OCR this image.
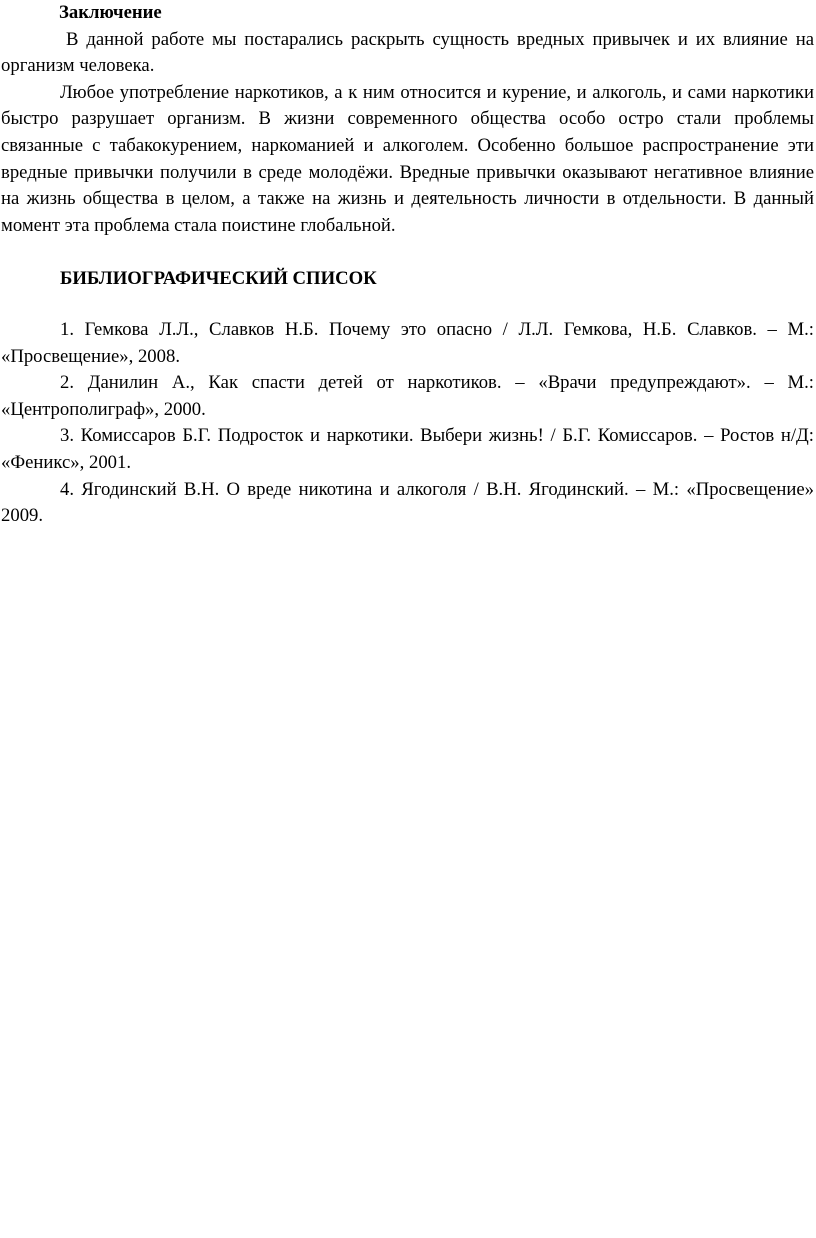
Заключение

В данной работе мы постарались раскрыть сущность вредных привычек и их влияние на организм человека.

Любое употребление наркотиков, а к ним относится и курение, и алкоголь, и сами наркотики быстро разрушает организм. В жизни современного общества особо остро стали проблемы связанные с табакокурением, наркоманией и алкоголем. Особенно большое распространение эти вредные привычки получили в среде молодёжи. Вредные привычки оказывают негативное влияние на жизнь общества в целом, а также на жизнь и деятельность личности в отдельности. В данный момент эта проблема стала поистине глобальной.

БИБЛИОГРАФИЧЕСКИЙ СПИСОК

1. Гемкова Л.Л., Славков Н.Б. Почему это опасно / Л.Л. Гемкова, Н.Б. Славков. – М.: «Просвещение», 2008.

2. Данилин А., Как спасти детей от наркотиков. – «Врачи предупреждают». – М.: «Центрополиграф», 2000.

3. Комиссаров Б.Г. Подросток и наркотики. Выбери жизнь! / Б.Г. Комиссаров. – Ростов н/Д: «Феникс», 2001.

4. Ягодинский В.Н. О вреде никотина и алкоголя / В.Н. Ягодинский. – М.: «Просвещение» 2009.
